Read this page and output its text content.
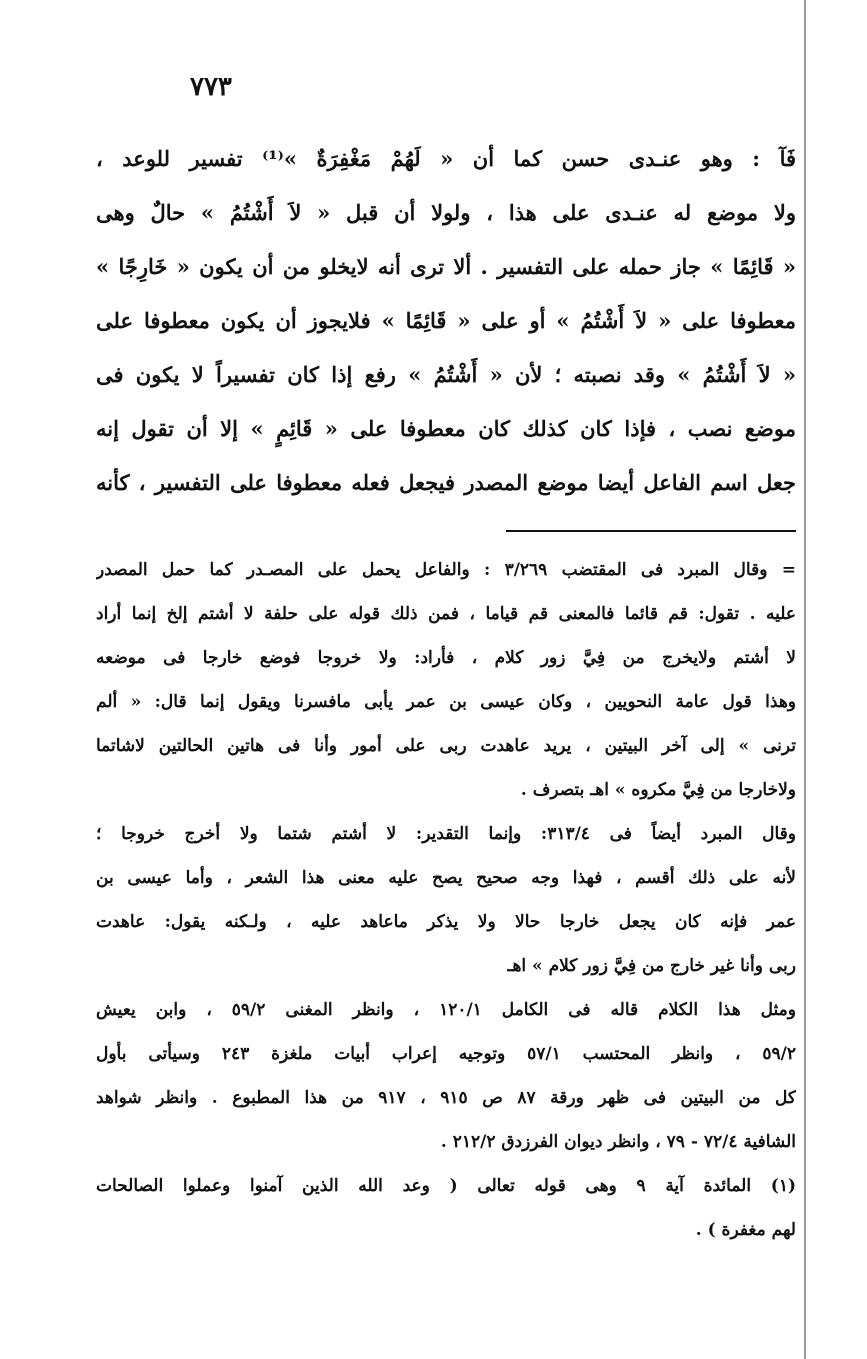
٧٧٣
فَآ : وهو عنـدى حسن كما أن « لَهُمْ مَغْفِرَةٌ »⁽¹⁾ تفسير للوعد ،
ولا موضع له عنـدى على هذا ، ولولا أن قبل « لاَ أَشْتُمُ » حالٌ وهى
« قَائِمًا » جاز حمله على التفسير . ألا ترى أنه لايخلو من أن يكون « خَارِجًا »
معطوفا على « لاَ أَشْتُمُ » أو على « قَائِمًا » فلايجوز أن يكون معطوفا على
« لاَ أَشْتُمُ » وقد نصبته ؛ لأن « أَشْتُمُ » رفع إذا كان تفسيراً لا يكون فى
موضع نصب ، فإذا كان كذلك كان معطوفا على « قَائِمٍ » إلا أن تقول إنه
جعل اسم الفاعل أيضا موضع المصدر فيجعل فعله معطوفا على التفسير ، كأنه
= وقال المبرد فى المقتضب ٣/٢٦٩ : والفاعل يحمل على المصـدر كما حمل المصدر
عليه . تقول: قم قائما فالمعنى قم قياما ، فمن ذلك قوله على حلفة لا أشتم إلخ إنما أراد
لا أشتم ولايخرج من فِيَّ زور كلام ، فأراد: ولا خروجا فوضع خارجا فى موضعه
وهذا قول عامة النحويين ، وكان عيسى بن عمر يأبى مافسرنا ويقول إنما قال: « ألم
ترنى » إلى آخر البيتين ، يريد عاهدت ربى على أمور وأنا فى هاتين الحالتين لاشاتما
ولاخارجا من فِيَّ مكروه » اهـ بتصرف .
وقال المبرد أيضاً فى ٣١٣/٤: وإنما التقدير: لا أشتم شتما ولا أخرج خروجا ؛
لأنه على ذلك أقسم ، فهذا وجه صحيح يصح عليه معنى هذا الشعر ، وأما عيسى بن
عمر فإنه كان يجعل خارجا حالا ولا يذكر ماعاهد عليه ، ولـكنه يقول: عاهدت
ربى وأنا غير خارج من فِيَّ زور كلام » اهـ
ومثل هذا الكلام قاله فى الكامل ١٢٠/١ ، وانظر المغنى ٥٩/٢ ، وابن يعيش
٥٩/٢ ، وانظر المحتسب ٥٧/١ وتوجيه إعراب أبيات ملغزة ٢٤٣ وسيأتى بأول
كل من البيتين فى ظهر ورقة ٨٧ ص ٩١٥ ، ٩١٧ من هذا المطبوع . وانظر شواهد
الشافية ٧٢/٤ - ٧٩ ، وانظر ديوان الفرزدق ٢١٢/٢ .
(١) المائدة آية ٩ وهى قوله تعالى ( وعد الله الذين آمنوا وعملوا الصالحات
لهم مغفرة ) .
